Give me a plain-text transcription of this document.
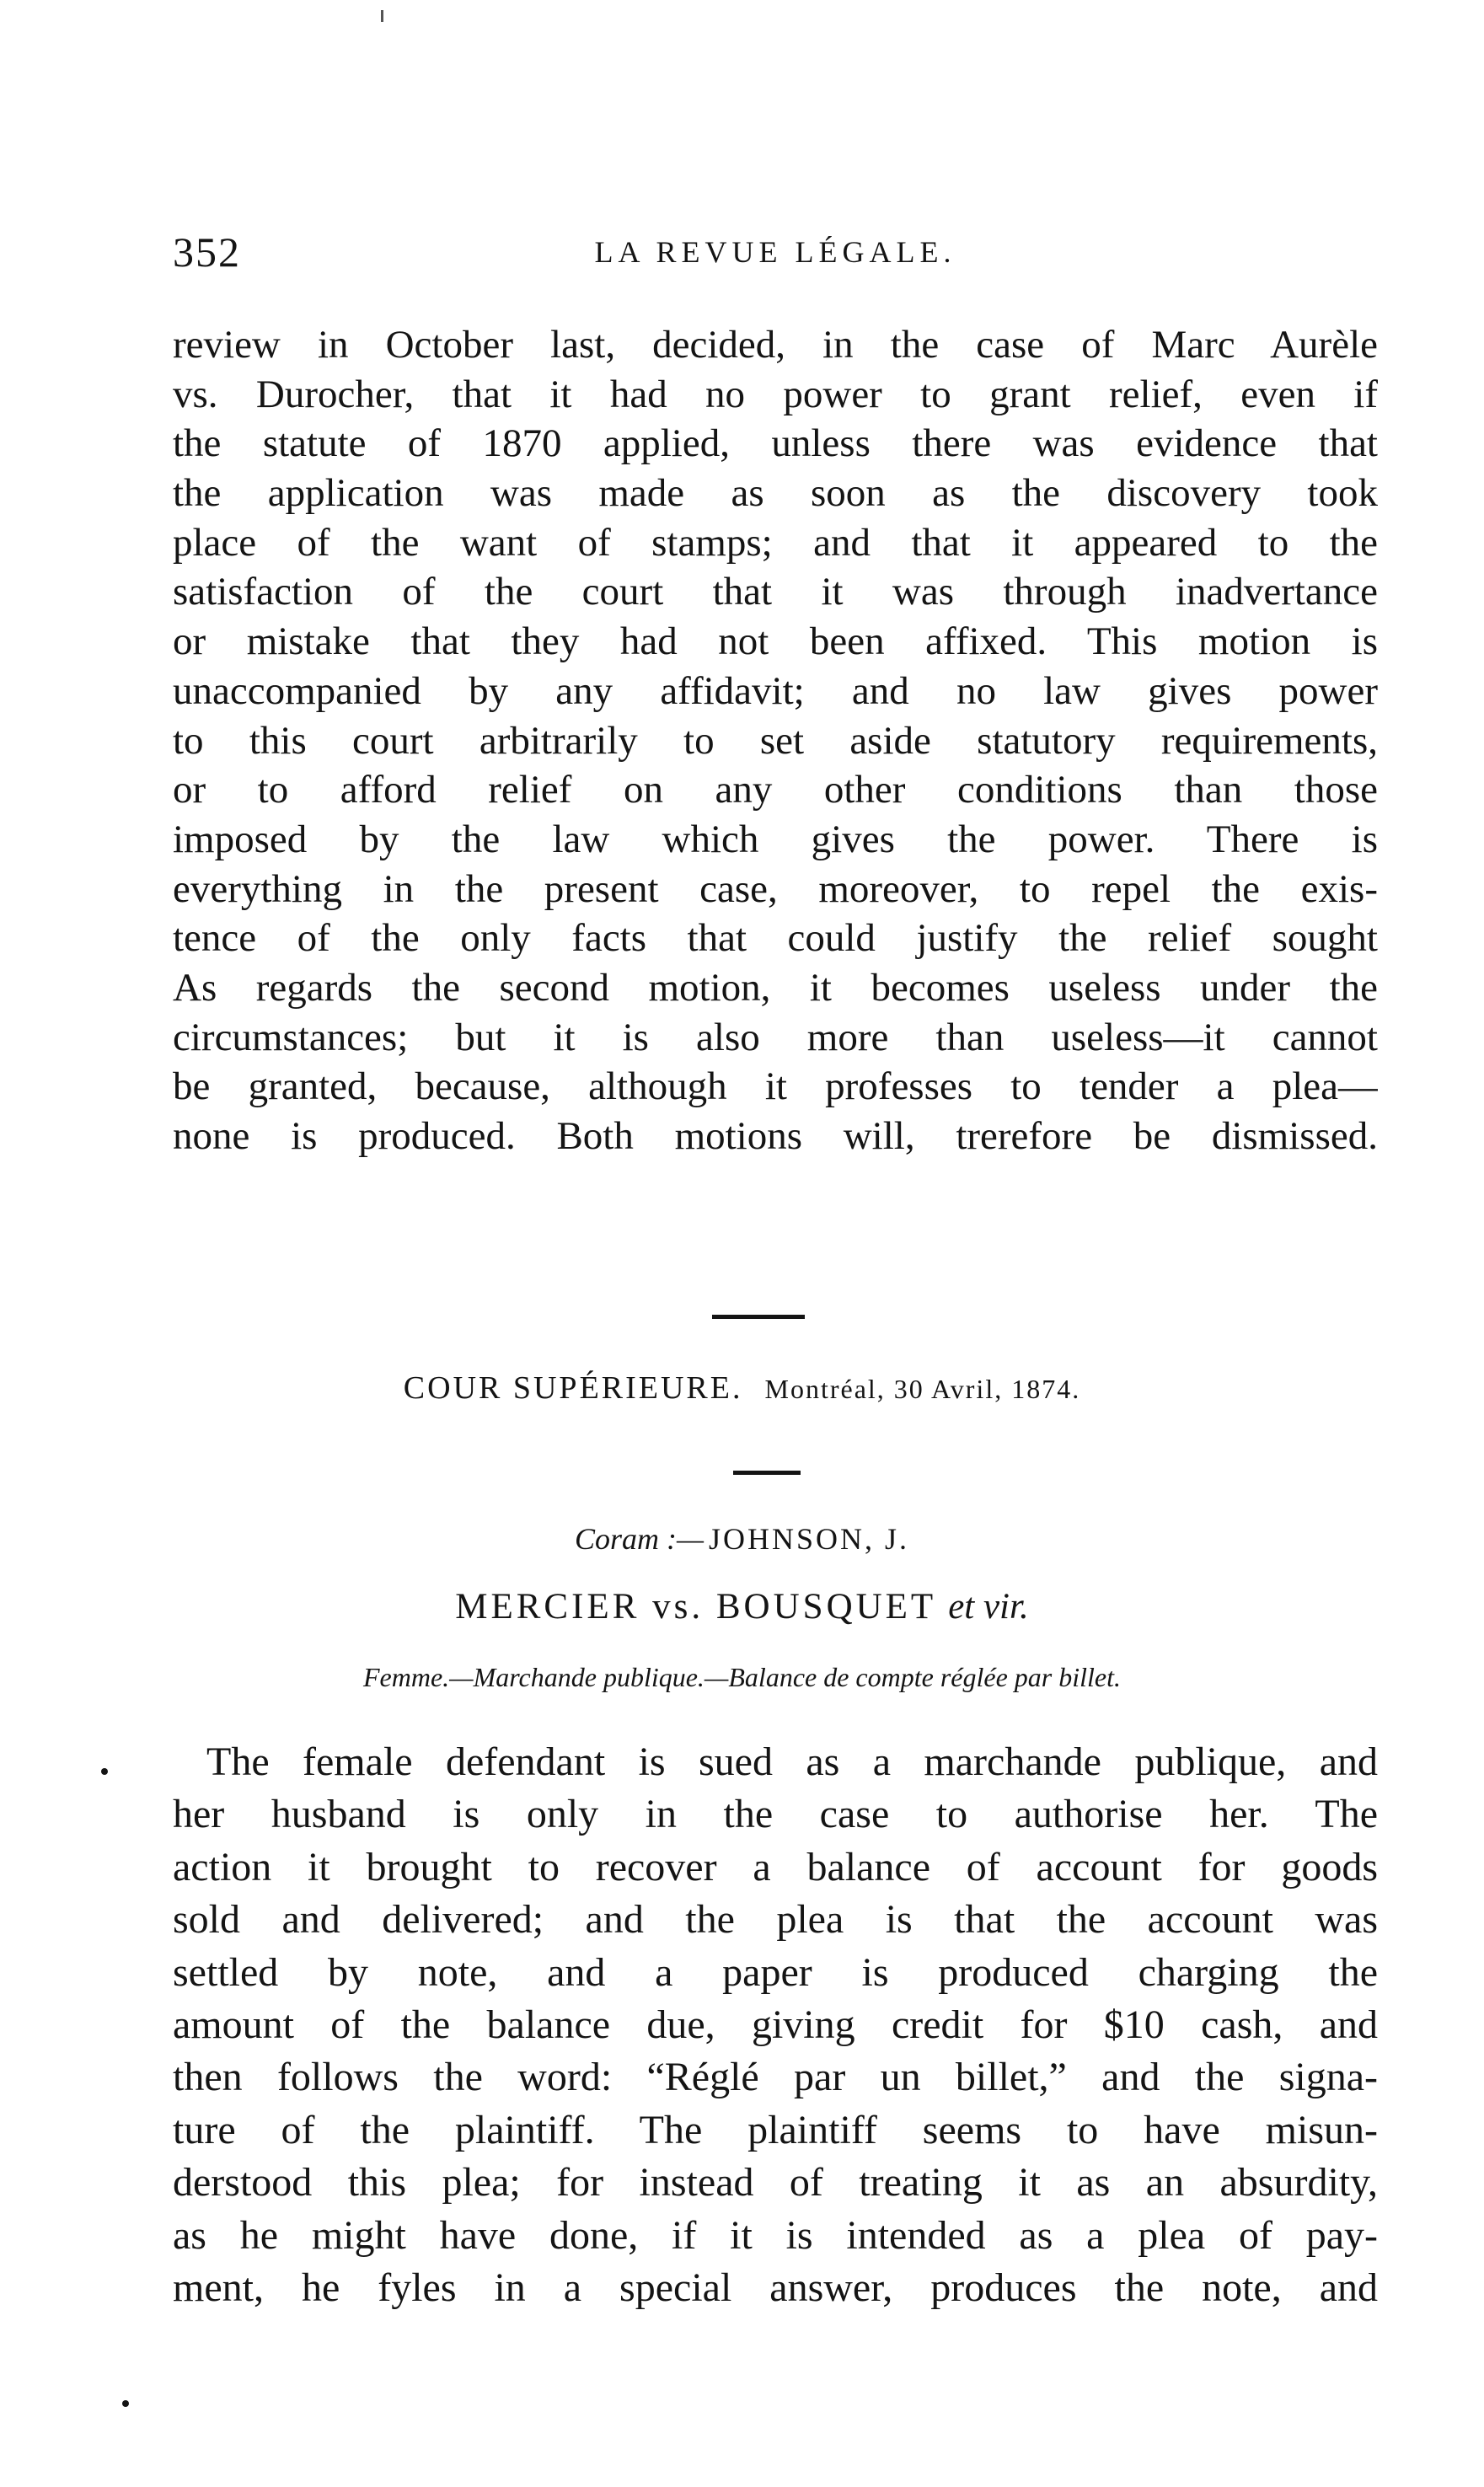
352	LA REVUE LÉGALE.
review in October last, decided, in the case of Marc Aurèle
vs. Durocher, that it had no power to grant relief, even if
the statute of 1870 applied, unless there was evidence that
the application was made as soon as the discovery took
place of the want of stamps; and that it appeared to the
satisfaction of the court that it was through inadvertance
or mistake that they had not been affixed. This motion is
unaccompanied by any affidavit; and no law gives power
to this court arbitrarily to set aside statutory requirements,
or to afford relief on any other conditions than those
imposed by the law which gives the power. There is
everything in the present case, moreover, to repel the exis-
tence of the only facts that could justify the relief sought
As regards the second motion, it becomes useless under the
circumstances; but it is also more than useless—it cannot
be granted, because, although it professes to tender a plea—
none is produced. Both motions will, trerefore be dismissed.
COUR SUPÉRIEURE. Montréal, 30 Avril, 1874.
Coram :— JOHNSON, J.
MERCIER vs. BOUSQUET et vir.
Femme.—Marchande publique.—Balance de compte réglée par billet.
The female defendant is sued as a marchande publique, and
her husband is only in the case to authorise her. The
action it brought to recover a balance of account for goods
sold and delivered; and the plea is that the account was
settled by note, and a paper is produced charging the
amount of the balance due, giving credit for $10 cash, and
then follows the word: “Réglé par un billet,” and the signa-
ture of the plaintiff. The plaintiff seems to have misun-
derstood this plea; for instead of treating it as an absurdity,
as he might have done, if it is intended as a plea of pay-
ment, he fyles in a special answer, produces the note, and
